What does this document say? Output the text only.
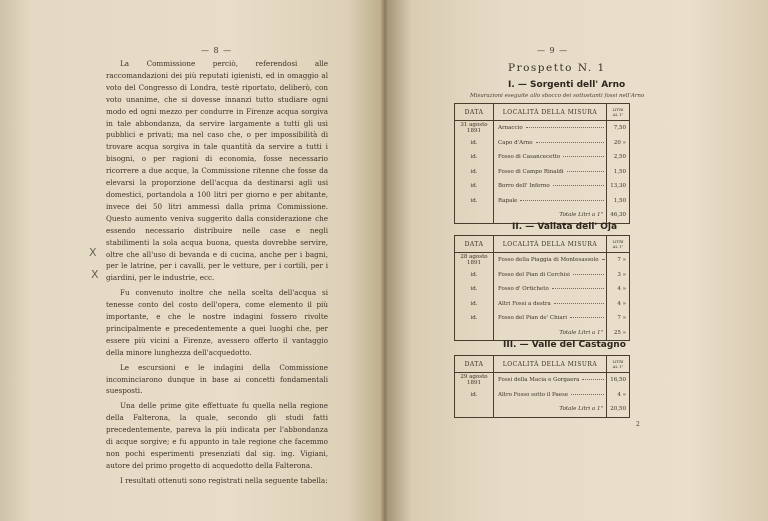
— 8 —

La Commissione perciò, referendosi alle raccomandazioni dei più reputati igienisti, ed in omaggio al voto del Congresso di Londra, testè riportato, deliberò, con voto unanime, che si dovesse innanzi tutto studiare ogni modo ed ogni mezzo per condurre in Firenze acqua sorgiva in tale abbondanza, da servire largamente a tutti gli usi pubblici e privati; ma nel caso che, o per impossibilità di trovare acqua sorgiva in tale quantità da servire a tutti i bisogni, o per ragioni di economia, fosse necessario ricorrere a due acque, la Commissione ritenne che fosse da elevarsi la proporzione dell'acqua da destinarsi agli usi domestici, portandola a 100 litri per giorno e per abitante, invece dei 50 litri ammessi dalla prima Commissione. Questo aumento veniva suggerito dalla considerazione che essendo necessario distribuire nelle case e negli stabilimenti la sola acqua buona, questa dovrebbe servire, oltre che all'uso di bevanda e di cucina, anche per i bagni, per le latrine, per i cavalli, per le vetture, per i cortili, per i giardini, per le industrie, ecc.

Fu convenuto inoltre che nella scelta dell'acqua si tenesse conto del costo dell'opera, come elemento il più importante, e che le nostre indagini fossero rivolte principalmente e precedentemente a quei luoghi che, per essere più vicini a Firenze, avessero offerto il vantaggio della minore lunghezza dell'acquedotto.

Le escursioni e le indagini della Commissione incominciarono dunque in base ai concetti fondamentali suesposti.

Una delle prime gite effettuate fu quella nella regione della Falterona, la quale, secondo gli studi fatti precedentemente, pareva la più indicata per l'abbondanza di acque sorgive; e fu appunto in tale regione che facemmo non pochi esperimenti presenziati dal sig. ing. Vigiani, autore del primo progetto di acquedotto della Falterona.

I resultati ottenuti sono registrati nella seguente tabella:

X
X
— 9 —
Prospetto N. 1
I. — Sorgenti dell' Arno
Misurazioni eseguite allo sbocco dei sottostanti fossi nell'Arno
DATA	LOCALITÀ DELLA MISURA	LITRI
AL 1"
31 agosto 1891	Arnaccio	7,50
id.	Capo d'Arno	20 »
id.	Fosso di Casancecetto	2,50
id.	Fosso di Campo Rinaldi	1,50
id.	Borro dell' Inferno	13,30
id.	Rapale	1,50
Totale Litri a 1"	46,30
II. — Vallata dell' Oja
DATA	LOCALITÀ DELLA MISURA	LITRI
AL 1"
28 agosto 1891	Fosso della Piaggia di Montesassolo	7 »
id.	Fosso del Pian di Cerchisi	3 »
id.	Fosso d' Orticheto	4 »
id.	Altri Fossi a destra	4 »
id.	Fosso del Pian de' Chiari	7 »
Totale Litri a 1"	25 »
III. — Valle del Castagno
DATA	LOCALITÀ DELLA MISURA	LITRI
AL 1"
29 agosto 1891	Fossi della Macia e Gorgaera	16,50
id.	Altro Fosso sotto il Paese	4 »
Totale Litri a 1"	20,50
2
